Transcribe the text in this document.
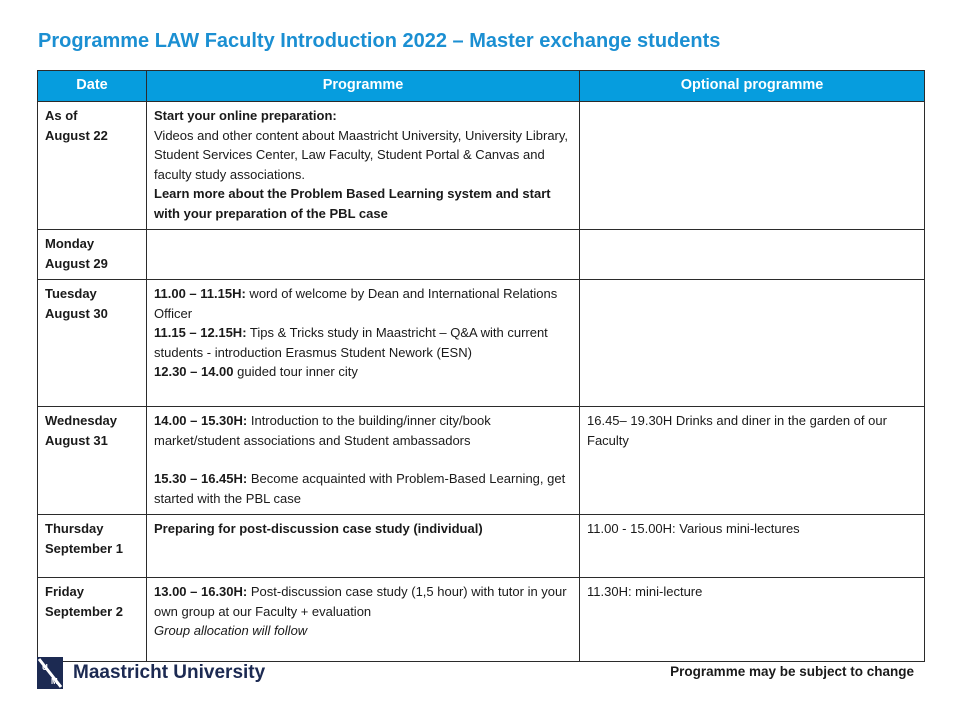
Programme LAW Faculty Introduction 2022 – Master exchange students
Date	Programme	Optional programme

As of
August 22	Start your online preparation:
Videos and other content about Maastricht University, University Library, Student Services Center, Law Faculty, Student Portal & Canvas and faculty study associations.
Learn more about the Problem Based Learning system and start with your preparation of the PBL case	

Monday
August 29		

Tuesday
August 30	11.00 – 11.15H: word of welcome by Dean and International Relations Officer
11.15 – 12.15H: Tips & Tricks study in Maastricht – Q&A with current students - introduction Erasmus Student Nework (ESN)
12.30 – 14.00 guided tour inner city	

Wednesday
August 31	14.00 – 15.30H: Introduction to the building/inner city/book market/student associations and Student ambassadors
15.30 – 16.45H: Become acquainted with Problem-Based Learning, get started with the PBL case	16.45– 19.30H Drinks and diner in the garden of our Faculty

Thursday
September 1	Preparing for post-discussion case study (individual)	11.00 - 15.00H: Various mini-lectures

Friday
September 2	13.00 – 16.30H: Post-discussion case study (1,5 hour) with tutor in your own group at our Faculty + evaluation
Group allocation will follow	11.30H: mini-lecture
U
M Maastricht University	Programme may be subject to change
